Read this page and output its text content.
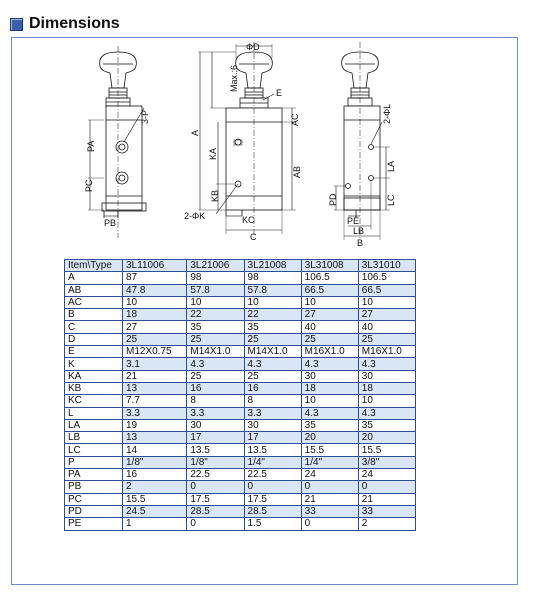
Dimensions
3-P
PA
PC
PB
ΦD
Max.:6
E
A
AC
KA
AB
KB
2-ΦK	KC
C
2-ΦL
LA
PD	LC
PE
LB
B
Item\Type	3L11006	3L21006	3L21008	3L31008	3L31010
A	87	98	98	106.5	106.5
AB	47.8	57.8	57.8	66.5	66.5
AC	10	10	10	10	10
B	18	22	22	27	27
C	27	35	35	40	40
D	25	25	25	25	25
E	M12X0.75	M14X1.0	M14X1.0	M16X1.0	M16X1.0
K	3.1	4.3	4.3	4.3	4.3
KA	21	25	25	30	30
KB	13	16	16	18	18
KC	7.7	8	8	10	10
L	3.3	3.3	3.3	4.3	4.3
LA	19	30	30	35	35
LB	13	17	17	20	20
LC	14	13.5	13.5	15.5	15.5
P	1/8"	1/8"	1/4"	1/4"	3/8"
PA	16	22.5	22.5	24	24
PB	2	0	0	0	0
PC	15.5	17.5	17.5	21	21
PD	24.5	28.5	28.5	33	33
PE	1	0	1.5	0	2
